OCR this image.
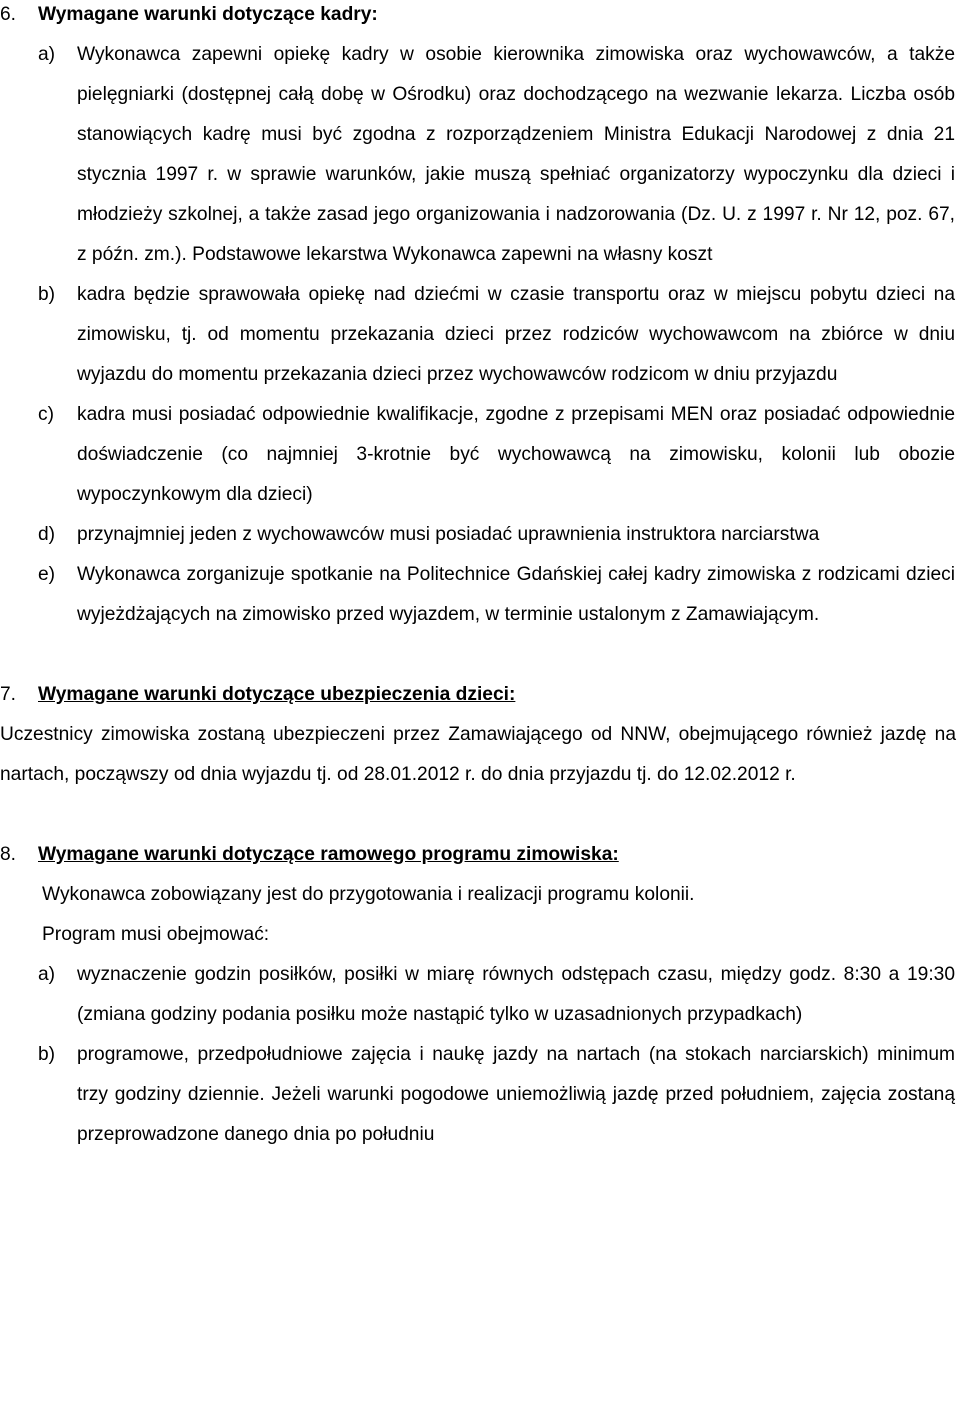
6. Wymagane warunki dotyczące kadry:
a) Wykonawca zapewni opiekę kadry w osobie kierownika zimowiska oraz wychowawców, a także pielęgniarki (dostępnej całą dobę w Ośrodku) oraz dochodzącego na wezwanie lekarza. Liczba osób stanowiących kadrę musi być zgodna z rozporządzeniem Ministra Edukacji Narodowej z dnia 21 stycznia 1997 r. w sprawie warunków, jakie muszą spełniać organizatorzy wypoczynku dla dzieci i młodzieży szkolnej, a także zasad jego organizowania i nadzorowania (Dz. U. z 1997 r. Nr 12, poz. 67, z późn. zm.). Podstawowe lekarstwa Wykonawca zapewni na własny koszt
b) kadra będzie sprawowała opiekę nad dziećmi w czasie transportu oraz w miejscu pobytu dzieci na zimowisku, tj. od momentu przekazania dzieci przez rodziców wychowawcom na zbiórce w dniu wyjazdu do momentu przekazania dzieci przez wychowawców rodzicom w dniu przyjazdu
c) kadra musi posiadać odpowiednie kwalifikacje, zgodne z przepisami MEN oraz posiadać odpowiednie doświadczenie (co najmniej 3-krotnie być wychowawcą na zimowisku, kolonii lub obozie wypoczynkowym dla dzieci)
d) przynajmniej jeden z wychowawców musi posiadać uprawnienia instruktora narciarstwa
e) Wykonawca zorganizuje spotkanie na Politechnice Gdańskiej całej kadry zimowiska z rodzicami dzieci wyjeżdżających na zimowisko przed wyjazdem, w terminie ustalonym z Zamawiającym.
7. Wymagane warunki dotyczące ubezpieczenia dzieci:
Uczestnicy zimowiska zostaną ubezpieczeni przez Zamawiającego od NNW, obejmującego również jazdę na nartach, począwszy od dnia wyjazdu tj. od 28.01.2012 r. do dnia przyjazdu tj. do 12.02.2012 r.
8. Wymagane warunki dotyczące ramowego programu zimowiska:
Wykonawca zobowiązany jest do przygotowania i realizacji programu kolonii.
Program musi obejmować:
a) wyznaczenie godzin posiłków, posiłki w miarę równych odstępach czasu, między godz. 8:30 a 19:30 (zmiana godziny podania posiłku może nastąpić tylko w uzasadnionych przypadkach)
b) programowe, przedpołudniowe zajęcia i naukę jazdy na nartach (na stokach narciarskich) minimum trzy godziny dziennie. Jeżeli warunki pogodowe uniemożliwią jazdę przed południem, zajęcia zostaną przeprowadzone danego dnia po południu
